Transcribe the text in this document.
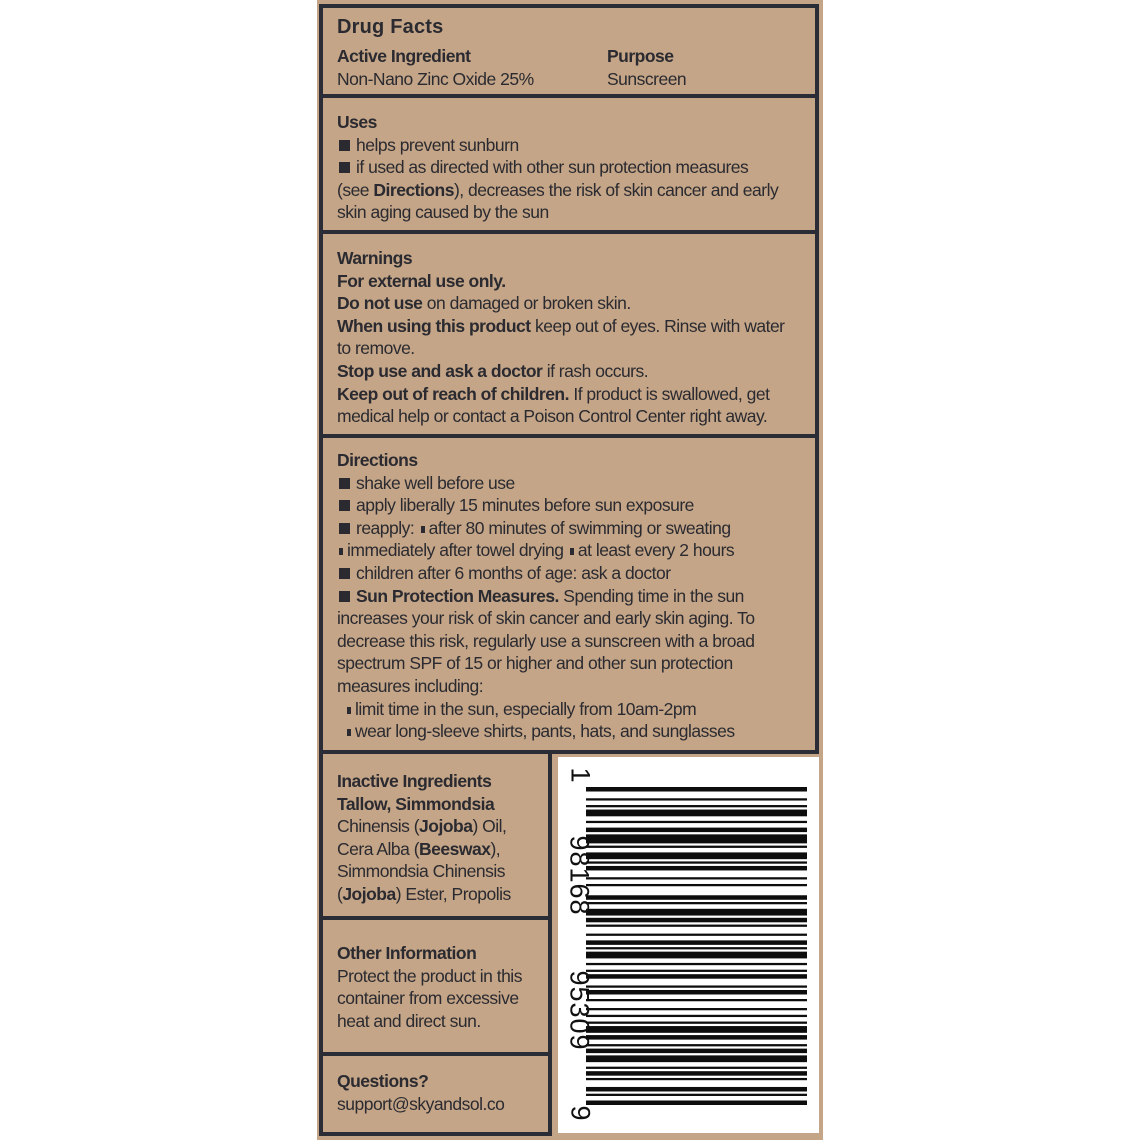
Drug Facts
Active Ingredient
Non-Nano Zinc Oxide 25%
Purpose
Sunscreen
Uses
helps prevent sunburn
if used as directed with other sun protection measures
(see Directions), decreases the risk of skin cancer and early
skin aging caused by the sun
Warnings
For external use only.
Do not use on damaged or broken skin.
When using this product keep out of eyes. Rinse with water
to remove.
Stop use and ask a doctor if rash occurs.
Keep out of reach of children. If product is swallowed, get
medical help or contact a Poison Control Center right away.
Directions
shake well before use
apply liberally 15 minutes before sun exposure
reapply: after 80 minutes of swimming or sweating
immediately after towel drying at least every 2 hours
children after 6 months of age: ask a doctor
Sun Protection Measures. Spending time in the sun
increases your risk of skin cancer and early skin aging. To
decrease this risk, regularly use a sunscreen with a broad
spectrum SPF of 15 or higher and other sun protection
measures including:
limit time in the sun, especially from 10am-2pm
wear long-sleeve shirts, pants, hats, and sunglasses
Inactive Ingredients
Tallow, Simmondsia
Chinensis (Jojoba) Oil,
Cera Alba (Beeswax),
Simmondsia Chinensis
(Jojoba) Ester, Propolis
Other Information
Protect the product in this
container from excessive
heat and direct sun.
Questions?
support@skyandsol.co
1
98168
95309
9
